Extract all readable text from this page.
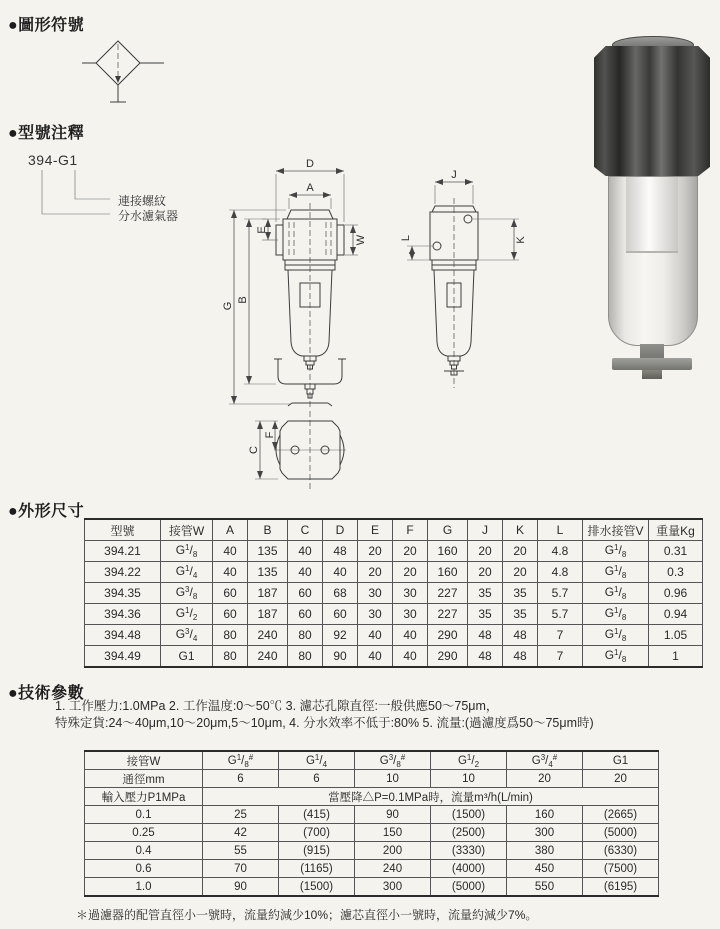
●圖形符號
●型號注釋
●外形尺寸
●技術參數
394-G1
連接螺紋
分水濾氣器
D
A
E
W
B
G
C
F
J
L	K
型號	接管W	A	B	C	D	E	F	G	J	K	L	排水接管V	重量Kg
394.21	$G^1/_8$	40	135	40	48	20	20	160	20	20	4.8	$G^1/_8$	0.31
394.22	$G^1/_4$	40	135	40	40	20	20	160	20	20	4.8	$G^1/_8$	0.3
394.35	$G^3/_8$	60	187	60	68	30	30	227	35	35	5.7	$G^1/_8$	0.96
394.36	$G^1/_2$	60	187	60	60	30	30	227	35	35	5.7	$G^1/_8$	0.94
394.48	$G^3/_4$	80	240	80	92	40	40	290	48	48	7	$G^1/_8$	1.05
394.49	G1	80	240	80	90	40	40	290	48	48	7	$G^1/_8$	1
1. 工作壓力:1.0MPa 2. 工作温度:0～50℃ 3. 濾芯孔隙直徑:一般供應50～75μm，
特殊定貨:24～40μm,10～20μm,5～10μm, 4. 分水效率不低于:80% 5. 流量:(過濾度爲50～75μm時)
接管W	$G^1/_8^{\#}$	$G^1/_4$	$G^3/_8^{\#}$	$G^1/_2$	$G^3/_4^{\#}$	G1
通徑mm	6	6	10	10	20	20
輸入壓力P1MPa	當壓降△P=0.1MPa時，流量m³/h(L/min)					
0.1	25	(415)	90	(1500)	160	(2665)
0.25	42	(700)	150	(2500)	300	(5000)
0.4	55	(915)	200	(3330)	380	(6330)
0.6	70	(1165)	240	(4000)	450	(7500)
1.0	90	(1500)	300	(5000)	550	(6195)
＊過濾器的配管直徑小一號時，流量約減少10%；濾芯直徑小一號時，流量約減少7%。
